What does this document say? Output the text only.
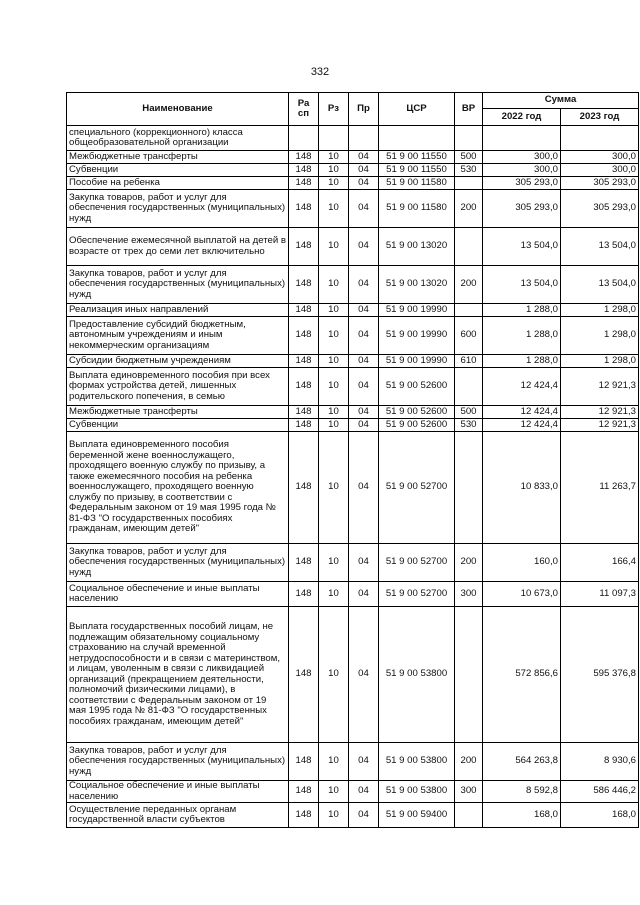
332
Наименование	Ра сп	Рз	Пр	ЦСР	ВР	Сумма	
						2022 год	2023 год
специального (коррекционного) класса общеобразовательной организации							
Межбюджетные трансферты	148	10	04	51 9 00 11550	500	300,0	300,0
Субвенции	148	10	04	51 9 00 11550	530	300,0	300,0
Пособие на ребенка	148	10	04	51 9 00 11580		305 293,0	305 293,0
Закупка товаров, работ и услуг для обеспечения государственных (муниципальных) нужд	148	10	04	51 9 00 11580	200	305 293,0	305 293,0
Обеспечение ежемесячной выплатой на детей в возрасте от трех до семи лет включительно	148	10	04	51 9 00 13020		13 504,0	13 504,0
Закупка товаров, работ и услуг для обеспечения государственных (муниципальных) нужд	148	10	04	51 9 00 13020	200	13 504,0	13 504,0
Реализация иных направлений	148	10	04	51 9 00 19990		1 288,0	1 298,0
Предоставление субсидий бюджетным, автономным учреждениям и иным некоммерческим организациям	148	10	04	51 9 00 19990	600	1 288,0	1 298,0
Субсидии бюджетным учреждениям	148	10	04	51 9 00 19990	610	1 288,0	1 298,0
Выплата единовременного пособия при всех формах устройства детей, лишенных родительского попечения, в семью	148	10	04	51 9 00 52600		12 424,4	12 921,3
Межбюджетные трансферты	148	10	04	51 9 00 52600	500	12 424,4	12 921,3
Субвенции	148	10	04	51 9 00 52600	530	12 424,4	12 921,3
Выплата единовременного пособия беременной жене военнослужащего, проходящего военную службу по призыву, а также ежемесячного пособия на ребенка военнослужащего, проходящего военную службу по призыву, в соответствии с Федеральным законом от 19 мая 1995 года № 81-ФЗ "О государственных пособиях гражданам, имеющим детей"	148	10	04	51 9 00 52700		10 833,0	11 263,7
Закупка товаров, работ и услуг для обеспечения государственных (муниципальных) нужд	148	10	04	51 9 00 52700	200	160,0	166,4
Социальное обеспечение и иные выплаты населению	148	10	04	51 9 00 52700	300	10 673,0	11 097,3
Выплата государственных пособий лицам, не подлежащим обязательному социальному страхованию на случай временной нетрудоспособности и в связи с материнством, и лицам, уволенным в связи с ликвидацией организаций (прекращением деятельности, полномочий физическими лицами), в соответствии с Федеральным законом от 19 мая 1995 года № 81-ФЗ "О государственных пособиях гражданам, имеющим детей"	148	10	04	51 9 00 53800		572 856,6	595 376,8
Закупка товаров, работ и услуг для обеспечения государственных (муниципальных) нужд	148	10	04	51 9 00 53800	200	564 263,8	8 930,6
Социальное обеспечение и иные выплаты населению	148	10	04	51 9 00 53800	300	8 592,8	586 446,2
Осуществление переданных органам государственной власти субъектов	148	10	04	51 9 00 59400		168,0	168,0
